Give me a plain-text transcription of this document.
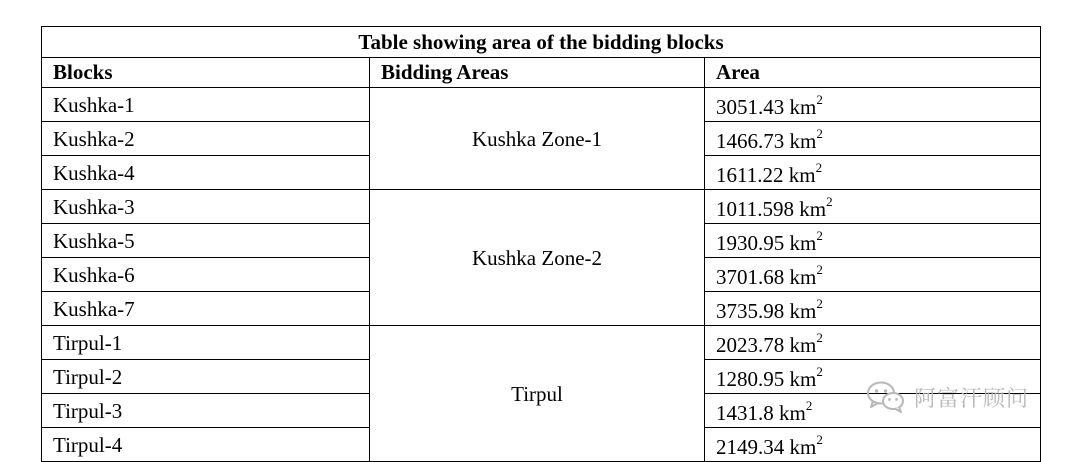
Table showing area of the bidding blocks		
Blocks	Bidding Areas	Area
Kushka-1	Kushka Zone-1	3051.43 $km^2$
Kushka-2		1466.73 $km^2$
Kushka-4		1611.22 $km^2$
Kushka-3	Kushka Zone-2	1011.598 $km^2$
Kushka-5		1930.95 $km^2$
Kushka-6		3701.68 $km^2$
Kushka-7		3735.98 $km^2$
Tirpul-1	Tirpul	2023.78 $km^2$
Tirpul-2		1280.95 $km^2$
Tirpul-3		1431.8 $km^2$
Tirpul-4		2149.34 $km^2$
阿富汗顾问
